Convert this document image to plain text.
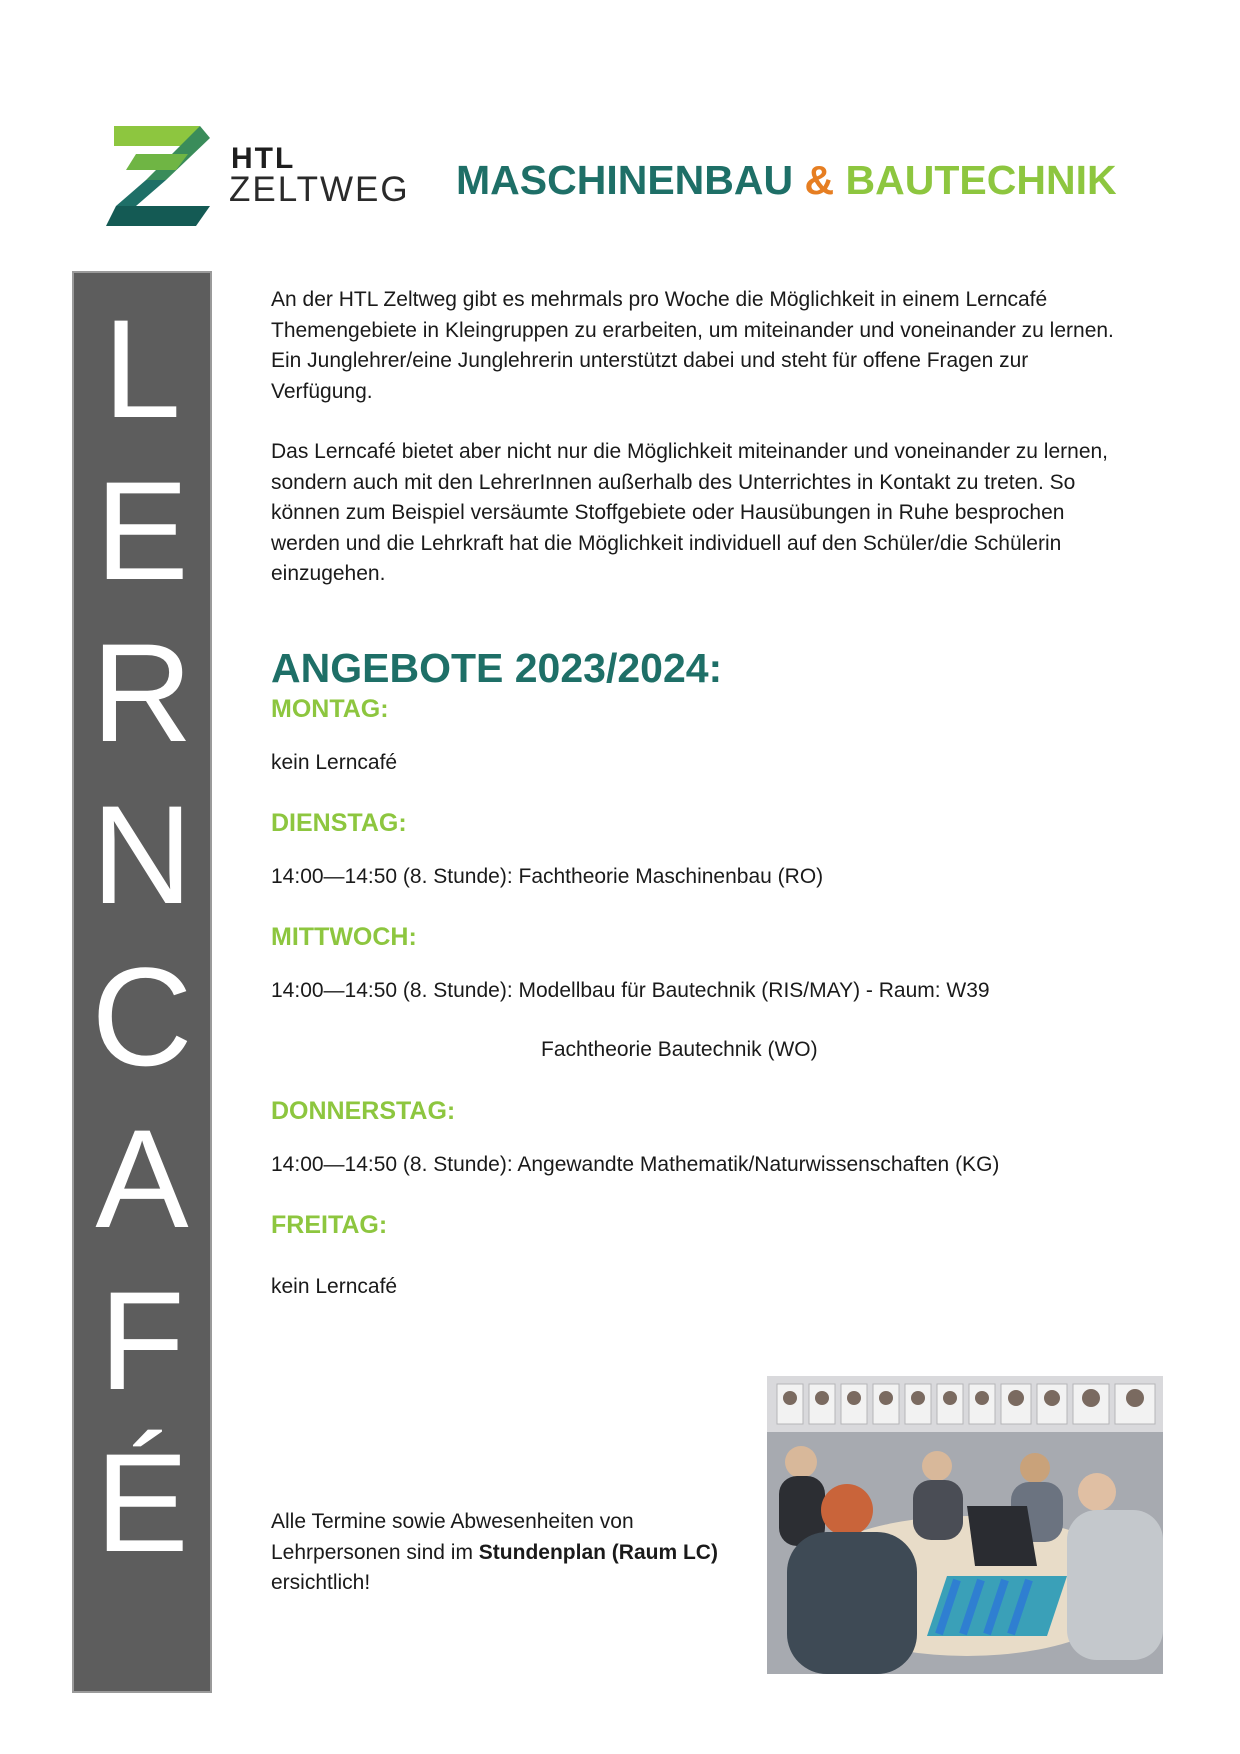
HTL
ZELTWEG MASCHINENBAU & BAUTECHNIK
L
E
R
N
C
A
F
É

An der HTL Zeltweg gibt es mehrmals pro Woche die Möglichkeit in einem Lerncafé Themengebiete in Kleingruppen zu erarbeiten, um miteinander und voneinander zu lernen. Ein Junglehrer/eine Junglehrerin unterstützt dabei und steht für offene Fragen zur Verfügung.

Das Lerncafé bietet aber nicht nur die Möglichkeit miteinander und voneinander zu lernen, sondern auch mit den LehrerInnen außerhalb des Unterrichtes in Kontakt zu treten. So können zum Beispiel versäumte Stoffgebiete oder Hausübungen in Ruhe besprochen werden und die Lehrkraft hat die Möglichkeit individuell auf den Schüler/die Schülerin einzugehen.

ANGEBOTE 2023/2024:
MONTAG:
kein Lerncafé
DIENSTAG:
14:00—14:50 (8. Stunde): Fachtheorie Maschinenbau (RO)
MITTWOCH:
14:00—14:50 (8. Stunde): Modellbau für Bautechnik (RIS/MAY) - Raum: W39
Fachtheorie Bautechnik (WO)
DONNERSTAG:
14:00—14:50 (8. Stunde): Angewandte Mathematik/Naturwissenschaften (KG)
FREITAG:
kein Lerncafé
Alle Termine sowie Abwesenheiten von Lehrpersonen sind im Stundenplan (Raum LC) ersichtlich!
